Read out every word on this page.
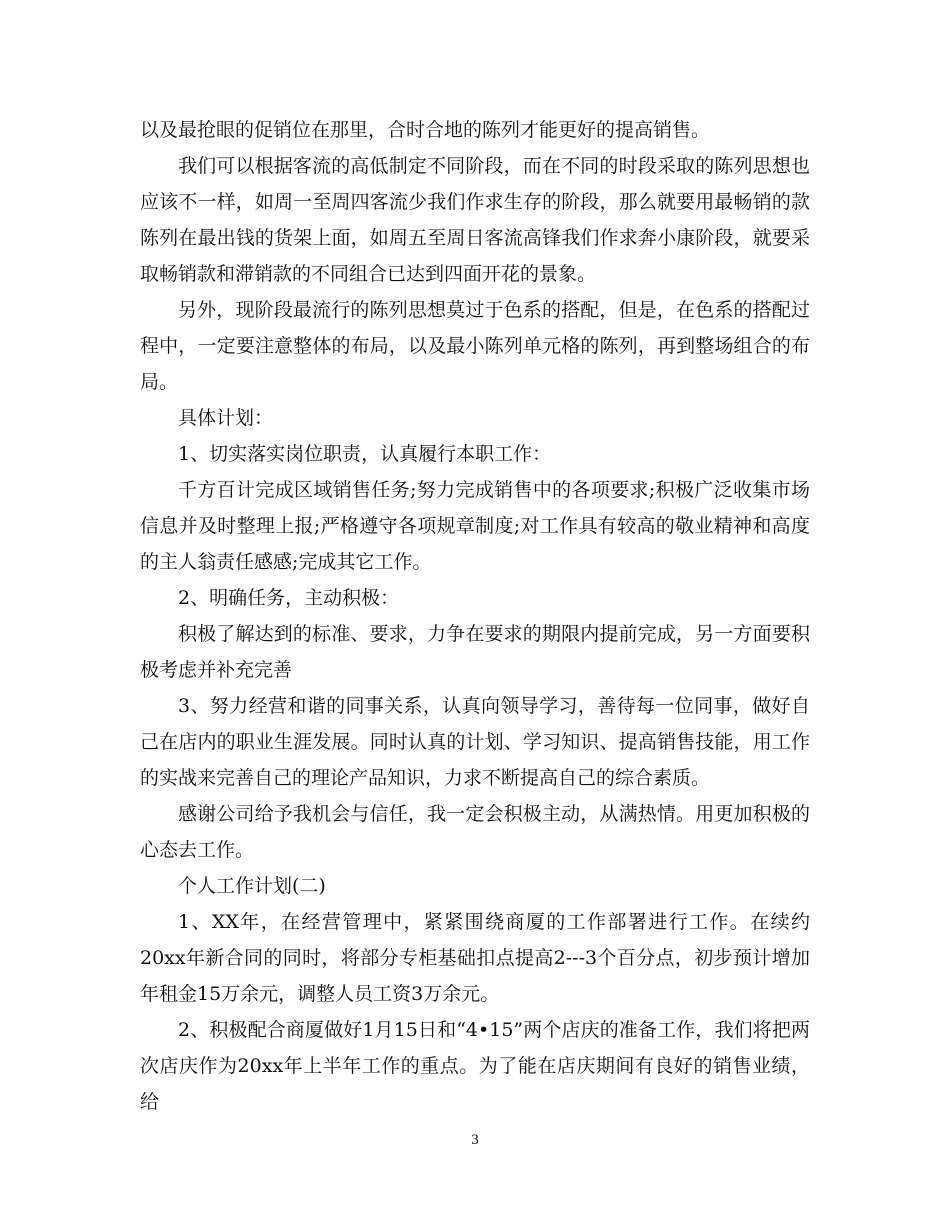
以及最抢眼的促销位在那里，合时合地的陈列才能更好的提高销售。

我们可以根据客流的高低制定不同阶段，而在不同的时段采取的陈列思想也应该不一样，如周一至周四客流少我们作求生存的阶段，那么就要用最畅销的款陈列在最出钱的货架上面，如周五至周日客流高锋我们作求奔小康阶段，就要采取畅销款和滞销款的不同组合已达到四面开花的景象。

另外，现阶段最流行的陈列思想莫过于色系的搭配，但是，在色系的搭配过程中，一定要注意整体的布局，以及最小陈列单元格的陈列，再到整场组合的布局。

具体计划：

1、切实落实岗位职责，认真履行本职工作：

千方百计完成区域销售任务;努力完成销售中的各项要求;积极广泛收集市场信息并及时整理上报;严格遵守各项规章制度;对工作具有较高的敬业精神和高度的主人翁责任感感;完成其它工作。

2、明确任务，主动积极：

积极了解达到的标准、要求，力争在要求的期限内提前完成，另一方面要积极考虑并补充完善

3、努力经营和谐的同事关系，认真向领导学习，善待每一位同事，做好自己在店内的职业生涯发展。同时认真的计划、学习知识、提高销售技能，用工作的实战来完善自己的理论产品知识，力求不断提高自己的综合素质。

感谢公司给予我机会与信任，我一定会积极主动，从满热情。用更加积极的心态去工作。

个人工作计划(二)

1、XX年，在经营管理中，紧紧围绕商厦的工作部署进行工作。在续约20xx年新合同的同时，将部分专柜基础扣点提高2---3个百分点，初步预计增加年租金15万余元，调整人员工资3万余元。

2、积极配合商厦做好1月15日和“4•15”两个店庆的准备工作，我们将把两次店庆作为20xx年上半年工作的重点。为了能在店庆期间有良好的销售业绩，给

3
